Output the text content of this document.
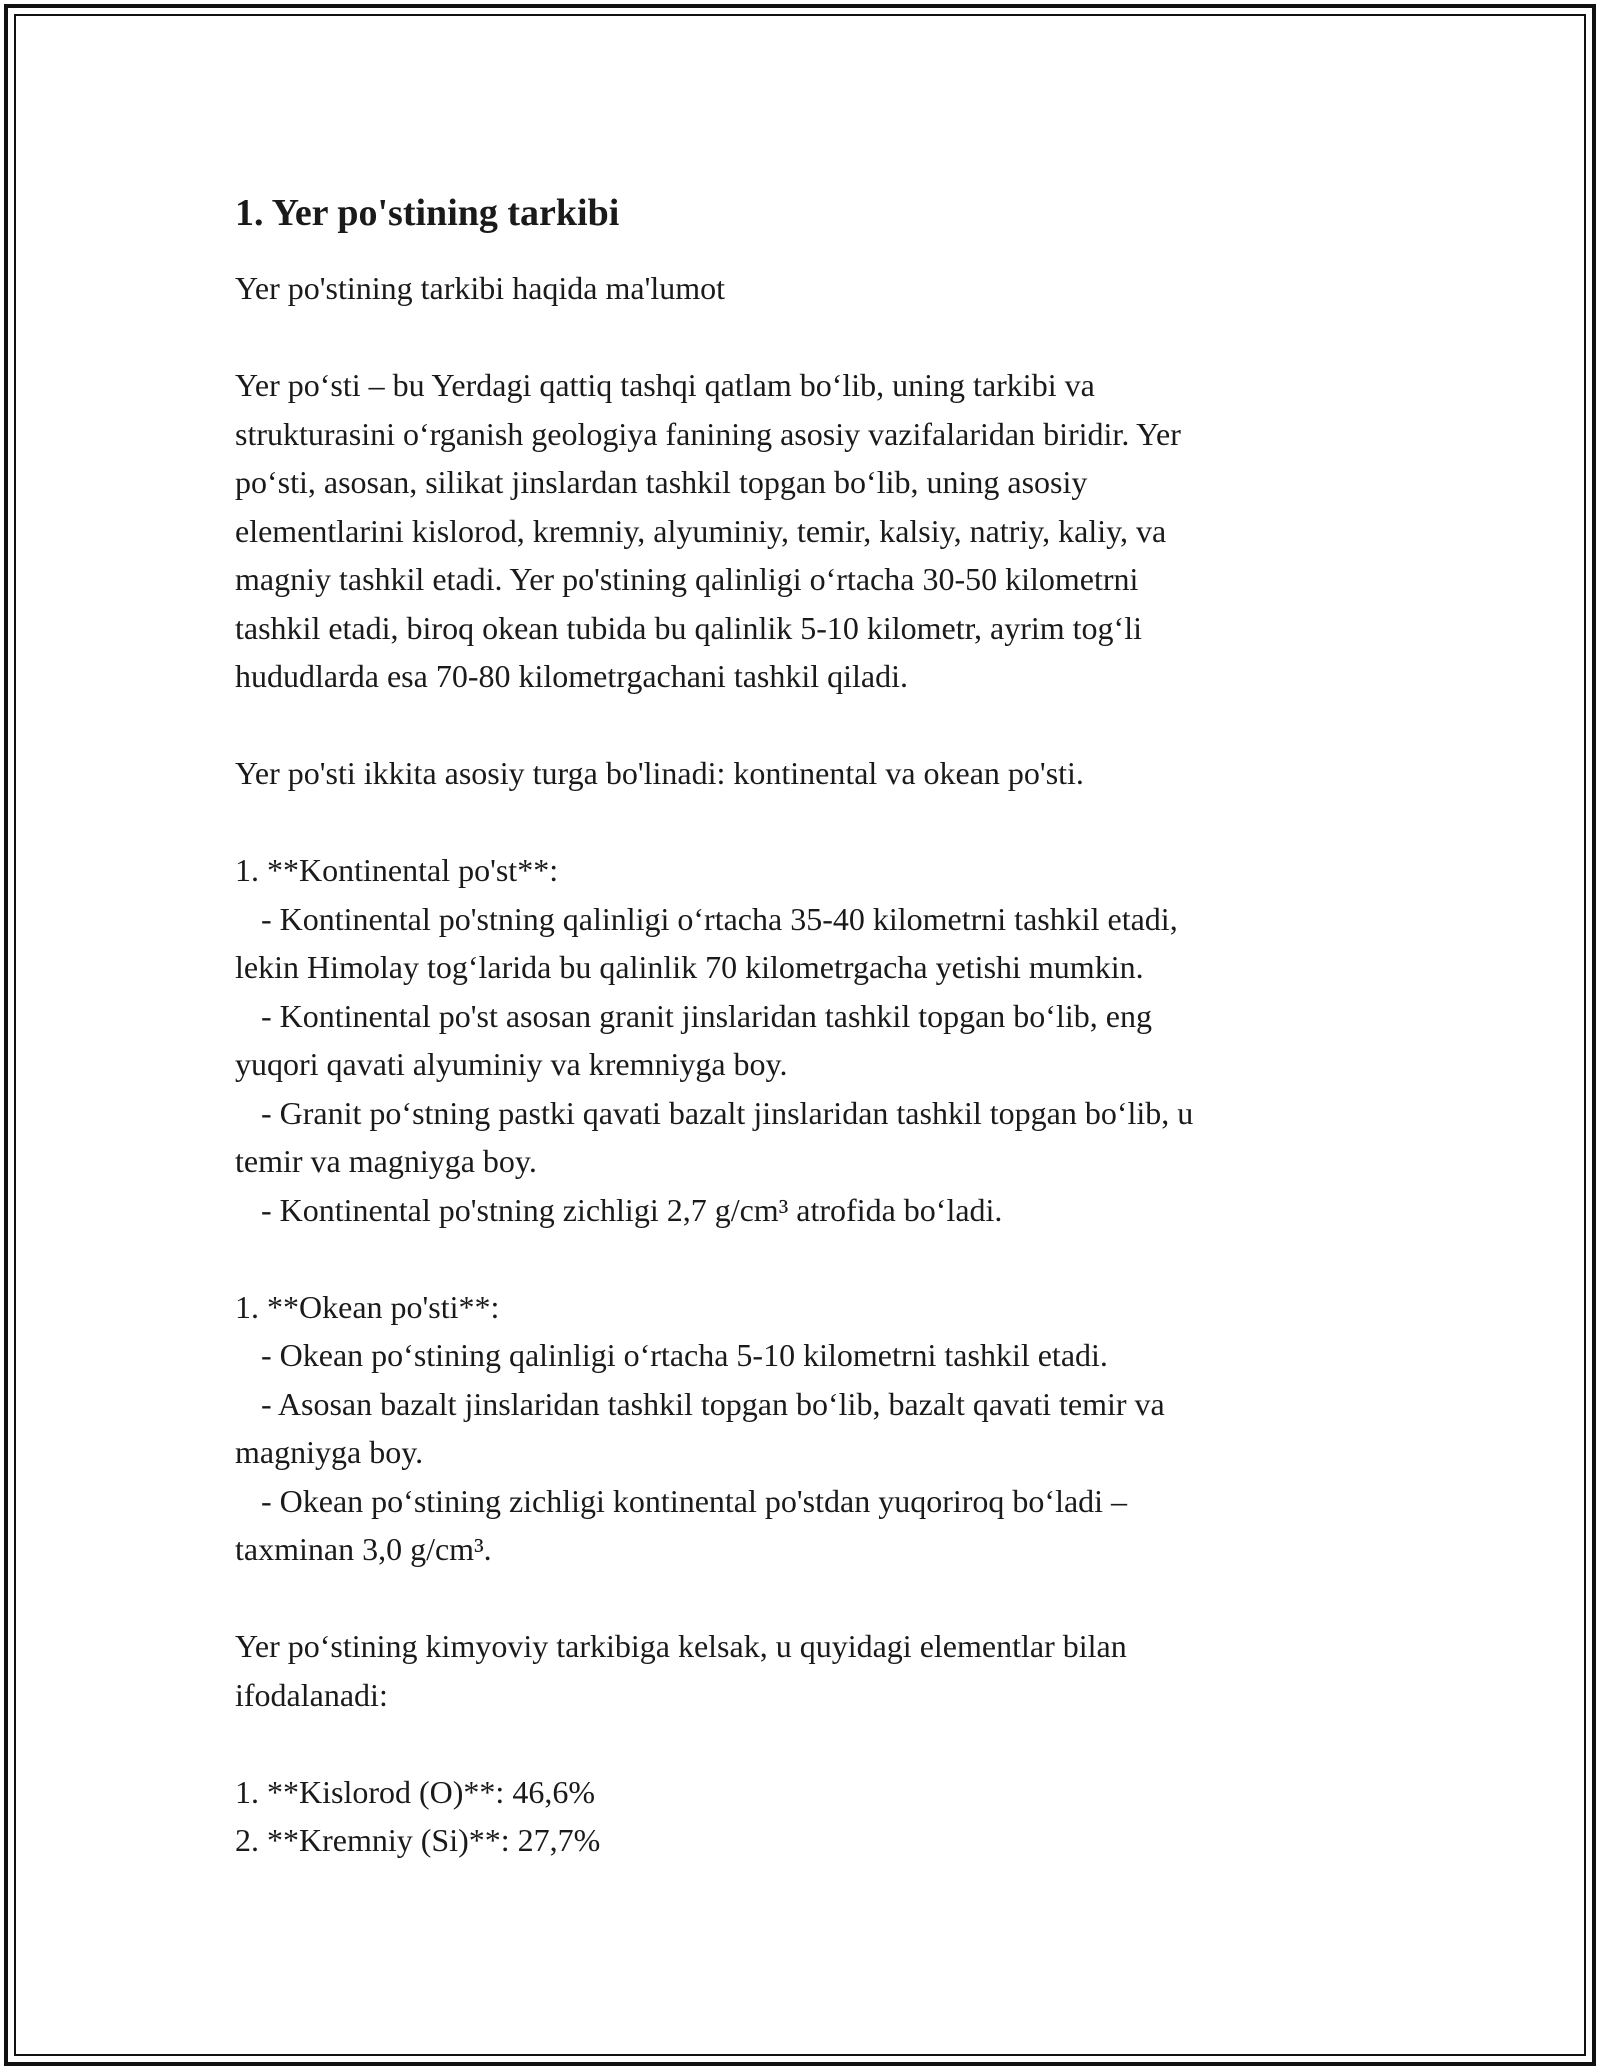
1. Yer po'stining tarkibi

Yer po'stining tarkibi haqida ma'lumot

Yer po‘sti – bu Yerdagi qattiq tashqi qatlam bo‘lib, uning tarkibi va

strukturasini o‘rganish geologiya fanining asosiy vazifalaridan biridir. Yer

po‘sti, asosan, silikat jinslardan tashkil topgan bo‘lib, uning asosiy

elementlarini kislorod, kremniy, alyuminiy, temir, kalsiy, natriy, kaliy, va

magniy tashkil etadi. Yer po'stining qalinligi o‘rtacha 30-50 kilometrni

tashkil etadi, biroq okean tubida bu qalinlik 5-10 kilometr, ayrim tog‘li

hududlarda esa 70-80 kilometrgachani tashkil qiladi.

Yer po'sti ikkita asosiy turga bo'linadi: kontinental va okean po'sti.

1. **Kontinental po'st**:

- Kontinental po'stning qalinligi o‘rtacha 35-40 kilometrni tashkil etadi,

lekin Himolay tog‘larida bu qalinlik 70 kilometrgacha yetishi mumkin.

- Kontinental po'st asosan granit jinslaridan tashkil topgan bo‘lib, eng

yuqori qavati alyuminiy va kremniyga boy.

- Granit po‘stning pastki qavati bazalt jinslaridan tashkil topgan bo‘lib, u

temir va magniyga boy.

- Kontinental po'stning zichligi 2,7 g/cm³ atrofida bo‘ladi.

1. **Okean po'sti**:

- Okean po‘stining qalinligi o‘rtacha 5-10 kilometrni tashkil etadi.

- Asosan bazalt jinslaridan tashkil topgan bo‘lib, bazalt qavati temir va

magniyga boy.

- Okean po‘stining zichligi kontinental po'stdan yuqoriroq bo‘ladi –

taxminan 3,0 g/cm³.

Yer po‘stining kimyoviy tarkibiga kelsak, u quyidagi elementlar bilan

ifodalanadi:

1. **Kislorod (O)**: 46,6%

2. **Kremniy (Si)**: 27,7%
